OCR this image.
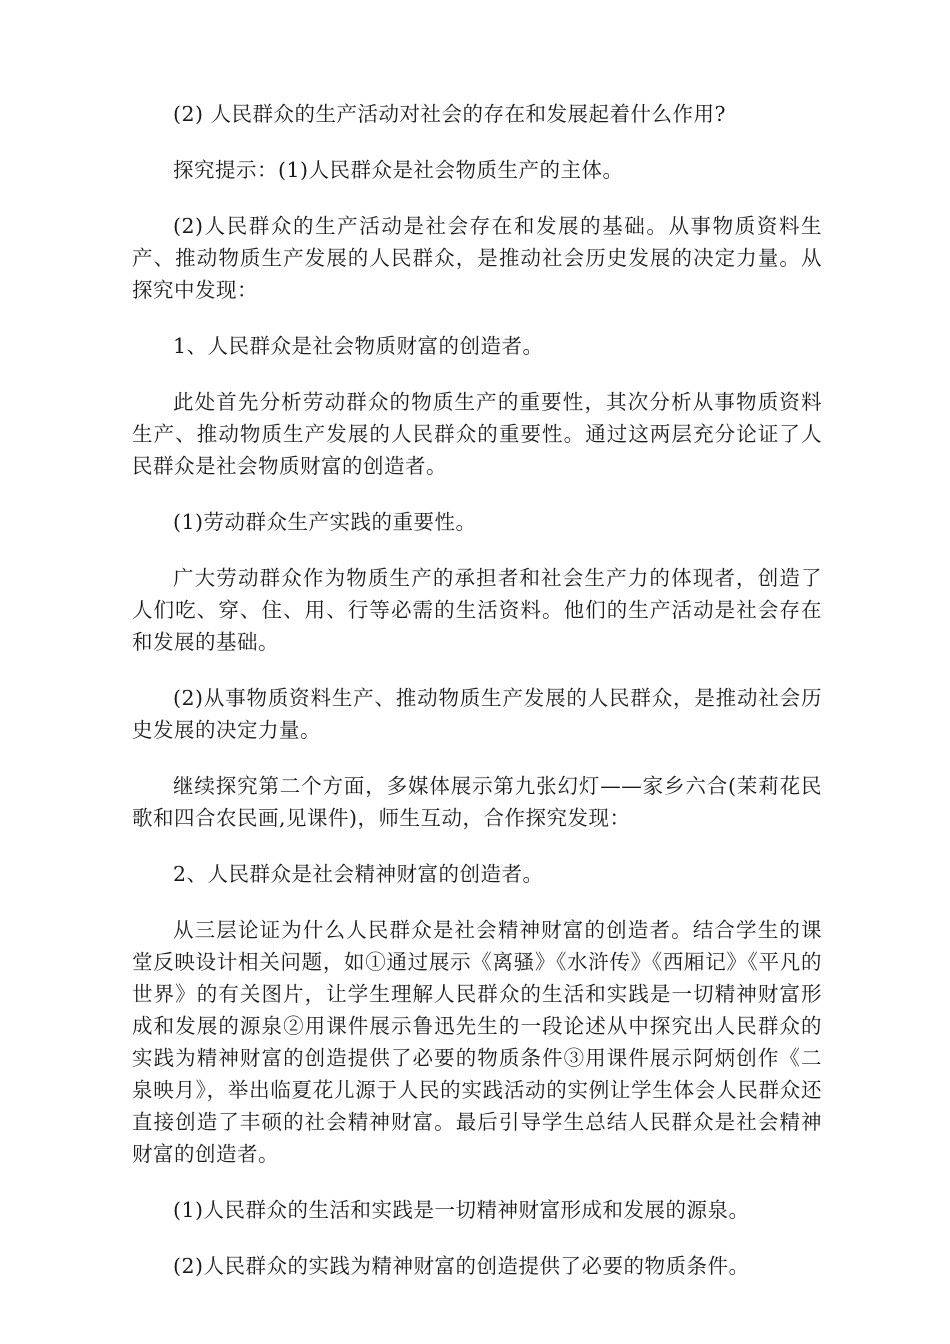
(2) 人民群众的生产活动对社会的存在和发展起着什么作用?

探究提示：(1)人民群众是社会物质生产的主体。

(2)人民群众的生产活动是社会存在和发展的基础。从事物质资料生产、推动物质生产发展的人民群众，是推动社会历史发展的决定力量。从探究中发现：

1、人民群众是社会物质财富的创造者。

此处首先分析劳动群众的物质生产的重要性，其次分析从事物质资料生产、推动物质生产发展的人民群众的重要性。通过这两层充分论证了人民群众是社会物质财富的创造者。

(1)劳动群众生产实践的重要性。

广大劳动群众作为物质生产的承担者和社会生产力的体现者，创造了人们吃、穿、住、用、行等必需的生活资料。他们的生产活动是社会存在和发展的基础。

(2)从事物质资料生产、推动物质生产发展的人民群众，是推动社会历史发展的决定力量。

继续探究第二个方面，多媒体展示第九张幻灯——家乡六合(茉莉花民歌和四合农民画,见课件)，师生互动，合作探究发现：

2、人民群众是社会精神财富的创造者。

从三层论证为什么人民群众是社会精神财富的创造者。结合学生的课堂反映设计相关问题，如①通过展示《离骚》《水浒传》《西厢记》《平凡的世界》的有关图片，让学生理解人民群众的生活和实践是一切精神财富形成和发展的源泉②用课件展示鲁迅先生的一段论述从中探究出人民群众的实践为精神财富的创造提供了必要的物质条件③用课件展示阿炳创作《二泉映月》，举出临夏花儿源于人民的实践活动的实例让学生体会人民群众还直接创造了丰硕的社会精神财富。最后引导学生总结人民群众是社会精神财富的创造者。

(1)人民群众的生活和实践是一切精神财富形成和发展的源泉。

(2)人民群众的实践为精神财富的创造提供了必要的物质条件。
